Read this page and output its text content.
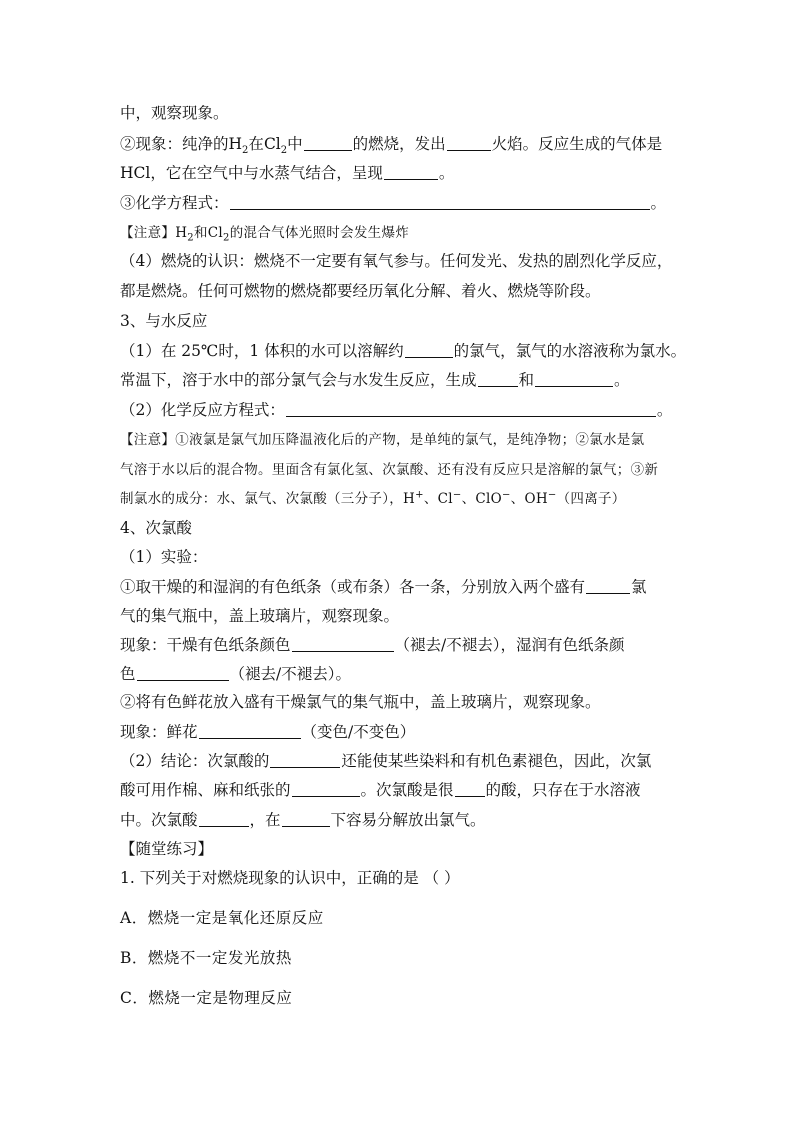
中，观察现象。
②现象：纯净的$H_2$在$Cl_2$中	的燃烧，发出	火焰。反应生成的气体是
HCl，它在空气中与水蒸气结合，呈现	。
③化学方程式：	。
【注意】$H_2$和$Cl_2$的混合气体光照时会发生爆炸
（4）燃烧的认识：燃烧不一定要有氧气参与。任何发光、发热的剧烈化学反应，
都是燃烧。任何可燃物的燃烧都要经历氧化分解、着火、燃烧等阶段。
3、与水反应
（1）在 25℃时，1 体积的水可以溶解约	的氯气，氯气的水溶液称为氯水。
常温下，溶于水中的部分氯气会与水发生反应，生成	和	。
（2）化学反应方程式：	。
【注意】①液氯是氯气加压降温液化后的产物，是单纯的氯气，是纯净物；②氯水是氯
气溶于水以后的混合物。里面含有氯化氢、次氯酸、还有没有反应只是溶解的氯气；③新
制氯水的成分：水、氯气、次氯酸（三分子），H+、Cl−、ClO−、OH−（四离子）
4、次氯酸
（1）实验：
①取干燥的和湿润的有色纸条（或布条）各一条，分别放入两个盛有	氯
气的集气瓶中，盖上玻璃片，观察现象。
现象：干燥有色纸条颜色	（褪去/不褪去），湿润有色纸条颜
色	（褪去/不褪去）。
②将有色鲜花放入盛有干燥氯气的集气瓶中，盖上玻璃片，观察现象。
现象：鲜花	（变色/不变色）
（2）结论：次氯酸的	还能使某些染料和有机色素褪色，因此，次氯
酸可用作棉、麻和纸张的	。次氯酸是很 的酸，只存在于水溶液
中。次氯酸	，在	下容易分解放出氯气。
【随堂练习】
1. 下列关于对燃烧现象的认识中，正确的是 （ ）
A．燃烧一定是氧化还原反应
B．燃烧不一定发光放热
C．燃烧一定是物理反应
